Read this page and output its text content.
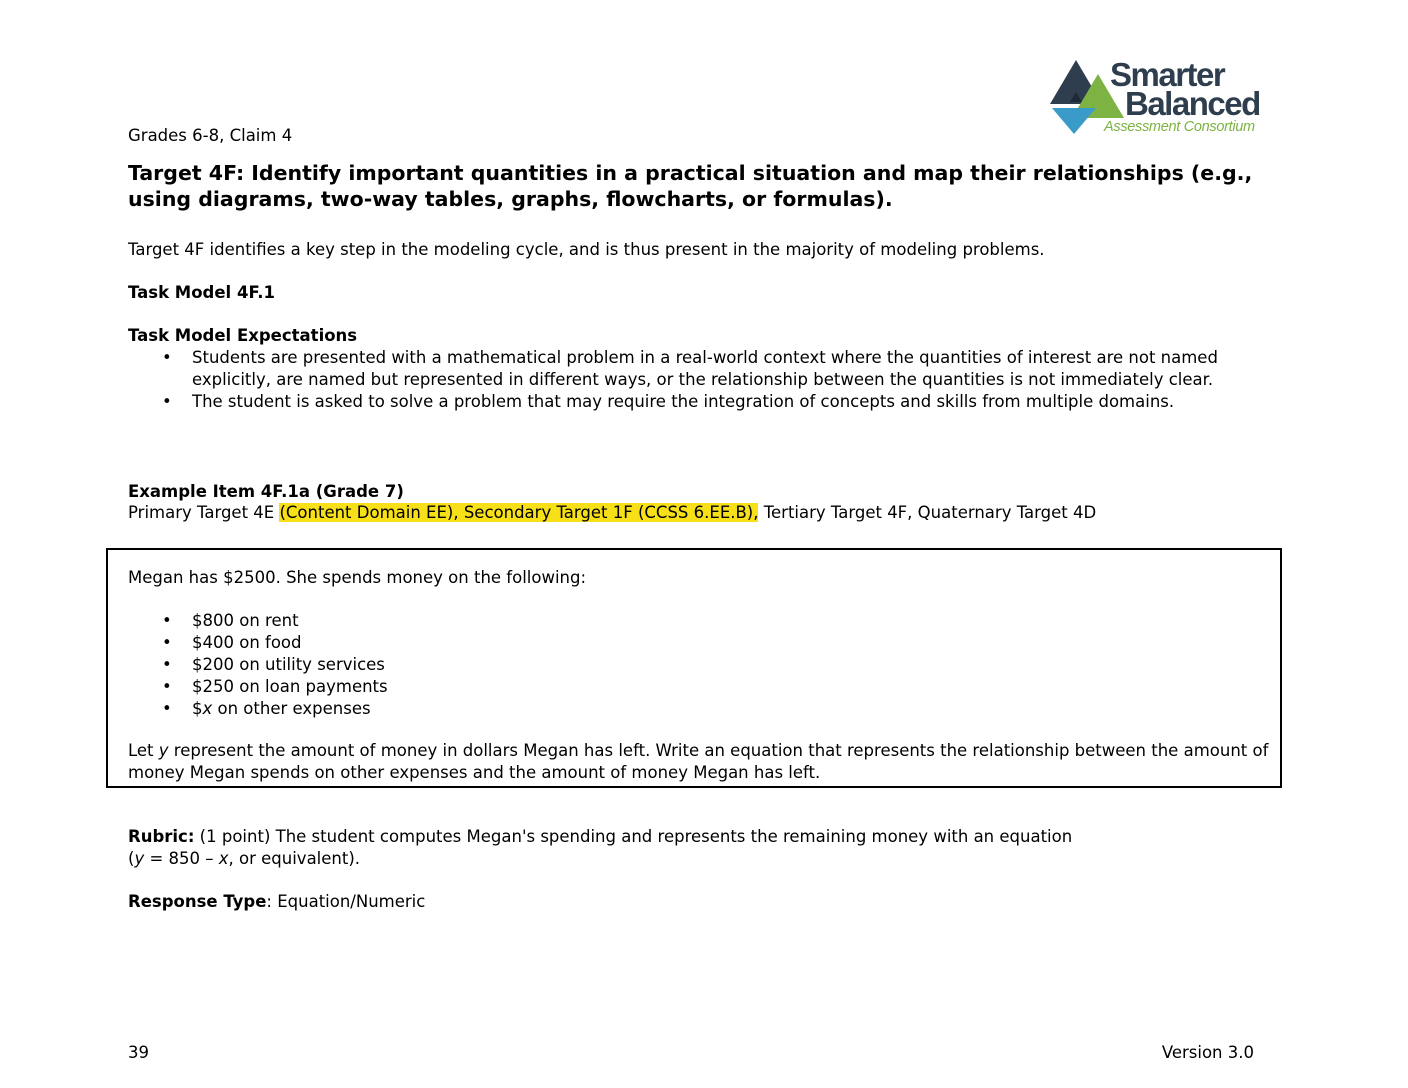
Smarter
Balanced
Assessment Consortium
Grades 6-8, Claim 4
Target 4F: Identify important quantities in a practical situation and map their relationships (e.g., using diagrams, two-way tables, graphs, flowcharts, or formulas).
Target 4F identifies a key step in the modeling cycle, and is thus present in the majority of modeling problems.
Task Model 4F.1
Task Model Expectations
• Students are presented with a mathematical problem in a real-world context where the quantities of interest are not named explicitly, are named but represented in different ways, or the relationship between the quantities is not immediately clear.
• The student is asked to solve a problem that may require the integration of concepts and skills from multiple domains.
Example Item 4F.1a (Grade 7)
Primary Target 4E (Content Domain EE), Secondary Target 1F (CCSS 6.EE.B), Tertiary Target 4F, Quaternary Target 4D
Megan has $2500. She spends money on the following:
• $800 on rent
• $400 on food
• $200 on utility services
• $250 on loan payments
• $x on other expenses
Let y represent the amount of money in dollars Megan has left. Write an equation that represents the relationship between the amount of money Megan spends on other expenses and the amount of money Megan has left.
Rubric: (1 point) The student computes Megan's spending and represents the remaining money with an equation
(y = 850 – x, or equivalent).
Response Type: Equation/Numeric
39	Version 3.0
